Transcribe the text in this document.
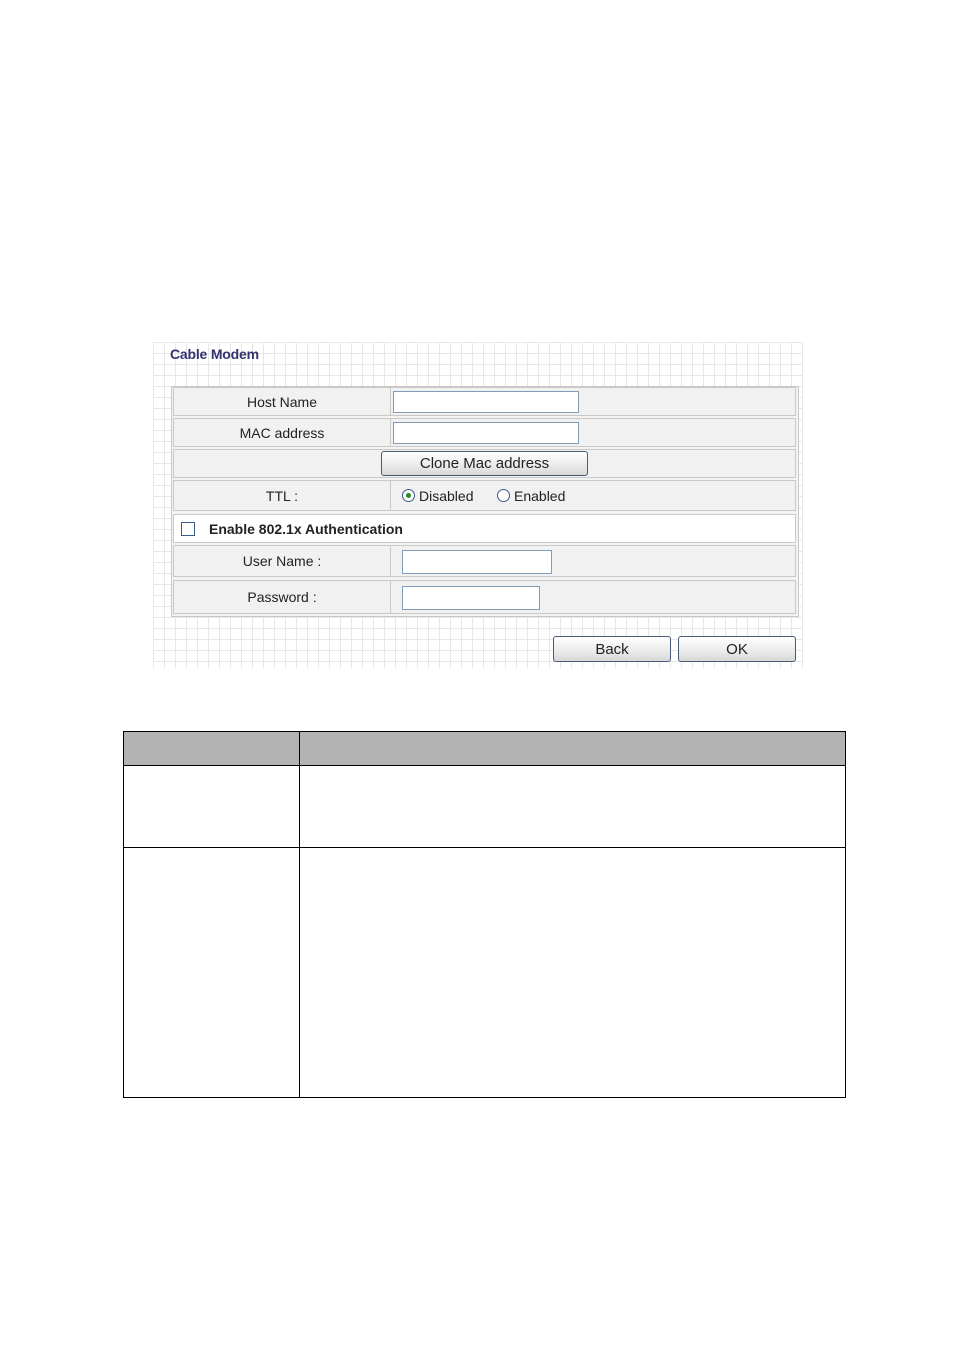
Cable Modem
Host Name
MAC address
Clone Mac address
TTL :	Disabled	Enabled
Enable 802.1x Authentication
User Name :
Password :
Back	OK
